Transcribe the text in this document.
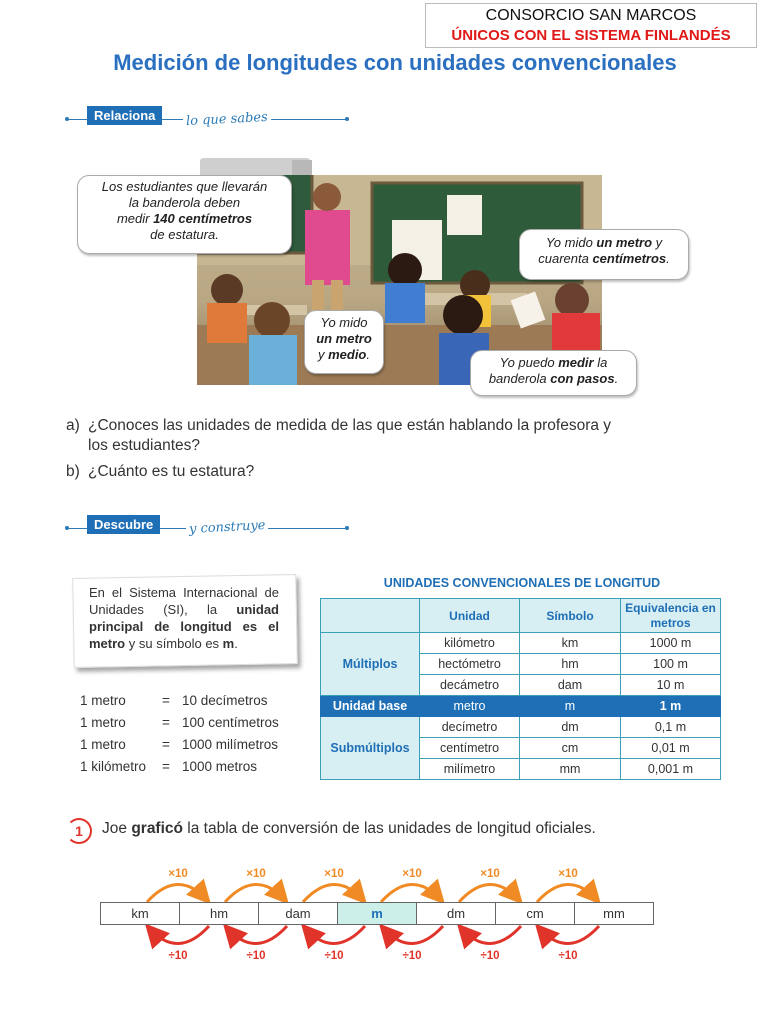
CONSORCIO SAN MARCOS
ÚNICOS CON EL SISTEMA FINLANDÉS
Medición de longitudes con unidades convencionales
Relaciona	lo que sabes
Los estudiantes que llevarán
la banderola deben
medir 140 centímetros
de estatura.
Yo mido un metro y
cuarenta centímetros.
Yo mido
un metro
y medio.
Yo puedo medir la
banderola con pasos.
a) ¿Conoces las unidades de medida de las que están hablando la profesora y
los estudiantes?
b) ¿Cuánto es tu estatura?
Descubre	y construye
En el Sistema Internacional de Unidades (SI), la unidad principal de longitud es el metro y su símbolo es m.
1 metro	= 10 decímetros
1 metro	= 100 centímetros
1 metro	= 1000 milímetros
1 kilómetro = 1000 metros
UNIDADES CONVENCIONALES DE LONGITUD
	Unidad	Símbolo	Equivalencia en metros
Múltiplos	kilómetro	km	1000 m
	hectómetro	hm	100 m
	decámetro	dam	10 m
Unidad base	metro	m	1 m
Submúltiplos	decímetro	dm	0,1 m
	centímetro	cm	0,01 m
	milímetro	mm	0,001 m
1	Joe graficó la tabla de conversión de las unidades de longitud oficiales.
×10
÷10
×10
÷10
×10
÷10
×10
÷10
×10
÷10
×10
÷10
km	hm	dam	m	dm	cm	mm
